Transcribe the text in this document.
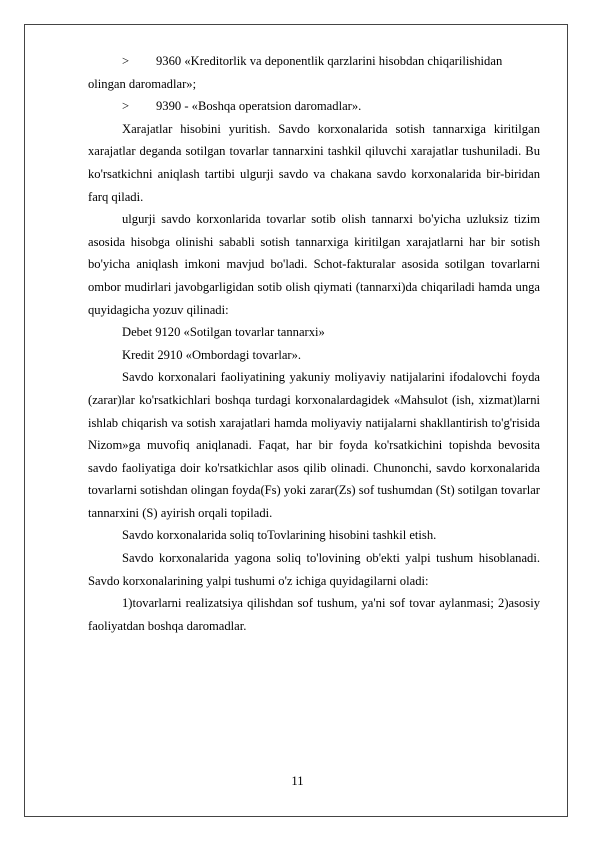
> 9360 «Kreditorlik va deponentlik qarzlarini hisobdan chiqarilishidan
olingan daromadlar»;

> 9390 - «Boshqa operatsion daromadlar».

Xarajatlar hisobini yuritish. Savdo korxonalarida sotish tannarxiga kiritilgan xarajatlar deganda sotilgan tovarlar tannarxini tashkil qiluvchi xarajatlar tushuniladi. Bu ko'rsatkichni aniqlash tartibi ulgurji savdo va chakana savdo korxonalarida bir-biridan farq qiladi.

ulgurji savdo korxonlarida tovarlar sotib olish tannarxi bo'yicha uzluksiz tizim asosida hisobga olinishi sababli sotish tannarxiga kiritilgan xarajatlarni har bir sotish bo'yicha aniqlash imkoni mavjud bo'ladi. Schot-fakturalar asosida sotilgan tovarlarni ombor mudirlari javobgarligidan sotib olish qiymati (tannarxi)da chiqariladi hamda unga quyidagicha yozuv qilinadi:

Debet 9120 «Sotilgan tovarlar tannarxi»

Kredit 2910 «Ombordagi tovarlar».

Savdo korxonalari faoliyatining yakuniy moliyaviy natijalarini ifodalovchi foyda (zarar)lar ko'rsatkichlari boshqa turdagi korxonalardagidek «Mahsulot (ish, xizmat)larni ishlab chiqarish va sotish xarajatlari hamda moliyaviy natijalarni shakllantirish to'g'risida Nizom»ga muvofiq aniqlanadi. Faqat, har bir foyda ko'rsatkichini topishda bevosita savdo faoliyatiga doir ko'rsatkichlar asos qilib olinadi. Chunonchi, savdo korxonalarida tovarlarni sotishdan olingan foyda(Fs) yoki zarar(Zs) sof tushumdan (St) sotilgan tovarlar tannarxini (S) ayirish orqali topiladi.

Savdo korxonalarida soliq toTovlarining hisobini tashkil etish.

Savdo korxonalarida yagona soliq to'lovining ob'ekti yalpi tushum hisoblanadi. Savdo korxonalarining yalpi tushumi o'z ichiga quyidagilarni oladi:

1)tovarlarni realizatsiya qilishdan sof tushum, ya'ni sof tovar aylanmasi; 2)asosiy faoliyatdan boshqa daromadlar.

11
